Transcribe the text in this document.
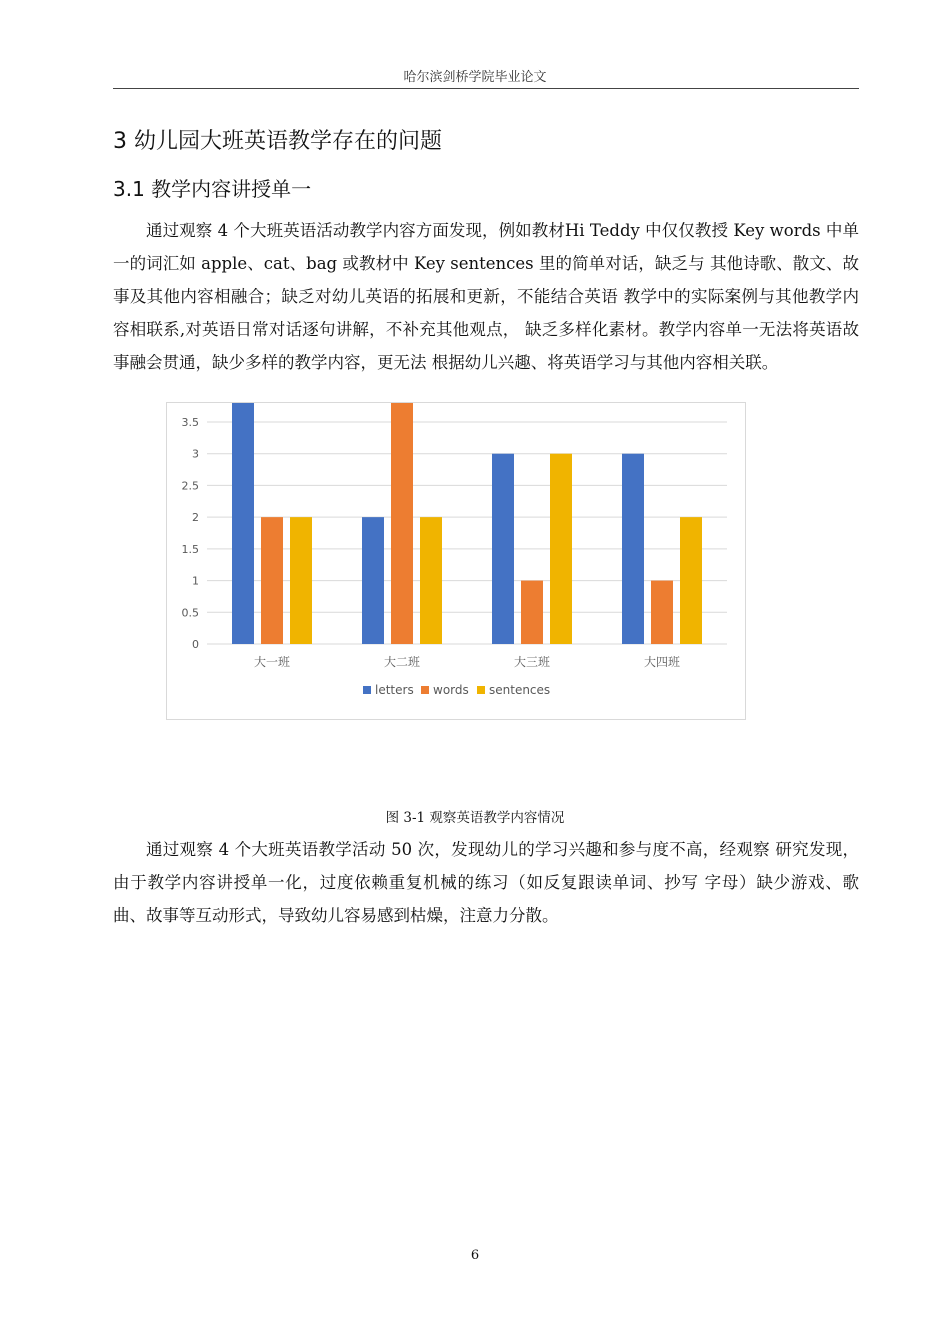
哈尔滨剑桥学院毕业论文
3 幼儿园大班英语教学存在的问题
3.1 教学内容讲授单一
通过观察 4 个大班英语活动教学内容方面发现，例如教材Hi Teddy 中仅仅教授 Key words 中单一的词汇如 apple、cat、bag 或教材中 Key sentences 里的简单对话，缺乏与 其他诗歌、散文、故事及其他内容相融合；缺乏对幼儿英语的拓展和更新，不能结合英语 教学中的实际案例与其他教学内容相联系,对英语日常对话逐句讲解，不补充其他观点， 缺乏多样化素材。教学内容单一无法将英语故事融会贯通，缺少多样的教学内容，更无法 根据幼儿兴趣、将英语学习与其他内容相关联。
0
0.5
1
1.5
2
2.5
3
3.5
大一班	大二班	大三班	大四班
letters words sentences
图 3-1 观察英语教学内容情况
通过观察 4 个大班英语教学活动 50 次，发现幼儿的学习兴趣和参与度不高，经观察 研究发现，由于教学内容讲授单一化，过度依赖重复机械的练习（如反复跟读单词、抄写 字母）缺少游戏、歌曲、故事等互动形式，导致幼儿容易感到枯燥，注意力分散。
6
